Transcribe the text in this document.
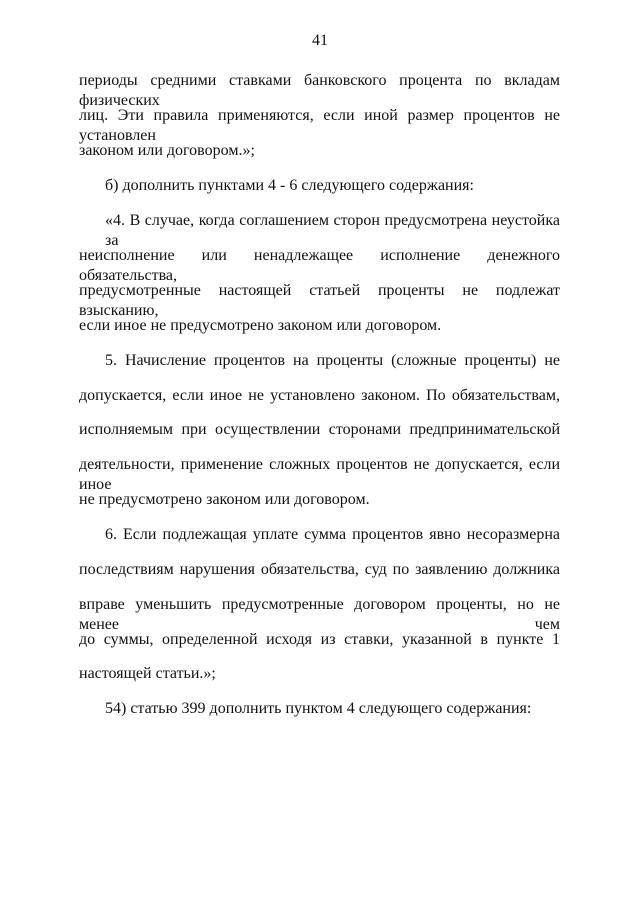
41
периоды средними ставками банковского процента по вкладам физических
лиц. Эти правила применяются, если иной размер процентов не установлен
законом или договором.»;
б) дополнить пунктами 4 - 6 следующего содержания:
«4. В случае, когда соглашением сторон предусмотрена неустойка за
неисполнение или ненадлежащее исполнение денежного обязательства,
предусмотренные настоящей статьей проценты не подлежат взысканию,
если иное не предусмотрено законом или договором.
5. Начисление процентов на проценты (сложные проценты) не
допускается, если иное не установлено законом. По обязательствам,
исполняемым при осуществлении сторонами предпринимательской
деятельности, применение сложных процентов не допускается, если иное
не предусмотрено законом или договором.
6. Если подлежащая уплате сумма процентов явно несоразмерна
последствиям нарушения обязательства, суд по заявлению должника
вправе уменьшить предусмотренные договором проценты, но не менее чем
до суммы, определенной исходя из ставки, указанной в пункте 1
настоящей статьи.»;
54) статью 399 дополнить пунктом 4 следующего содержания:
